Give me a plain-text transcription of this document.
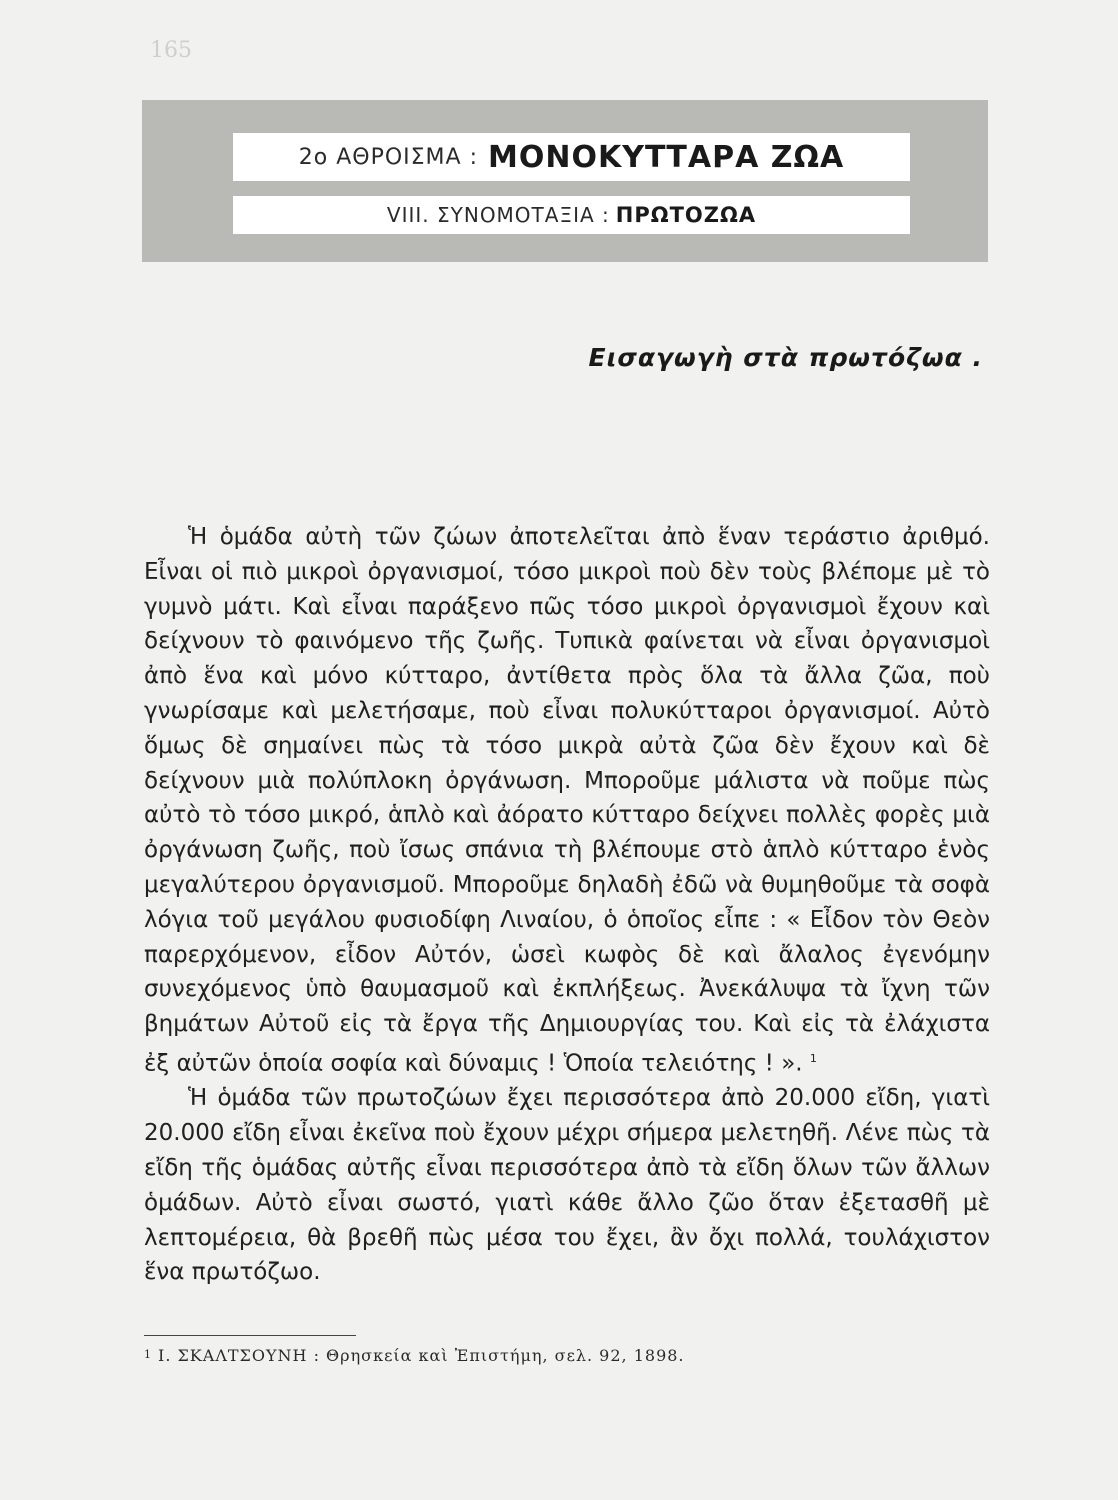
165
2ο ΑΘΡΟΙΣΜΑ : ΜΟΝΟΚΥΤΤΑΡΑ ΖΩΑ
VIII. ΣΥΝΟΜΟΤΑΞΙΑ : ΠΡΩΤΟΖΩΑ
Εισαγωγὴ στὰ πρωτόζωα .

Ἡ ὁμάδα αὐτὴ τῶν ζώων ἀποτελεῖται ἀπὸ ἕναν τεράστιο ἀριθμό. Εἶναι οἱ πιὸ μικροὶ ὀργανισμοί, τόσο μικροὶ ποὺ δὲν τοὺς βλέπομε μὲ τὸ γυμνὸ μάτι. Καὶ εἶναι παράξενο πῶς τόσο μικροὶ ὀργανισμοὶ ἔχουν καὶ δείχνουν τὸ φαινόμενο τῆς ζωῆς. Τυπικὰ φαίνεται νὰ εἶναι ὀργανισμοὶ ἀπὸ ἕνα καὶ μόνο κύτταρο, ἀντίθετα πρὸς ὅλα τὰ ἄλλα ζῶα, ποὺ γνωρίσαμε καὶ μελετήσαμε, ποὺ εἶναι πολυκύτταροι ὀργανισμοί. Αὐτὸ ὅμως δὲ σημαίνει πὼς τὰ τόσο μικρὰ αὐτὰ ζῶα δὲν ἔχουν καὶ δὲ δείχνουν μιὰ πολύπλοκη ὀργάνωση. Μποροῦμε μάλιστα νὰ ποῦμε πὼς αὐτὸ τὸ τόσο μικρό, ἁπλὸ καὶ ἀόρατο κύτταρο δείχνει πολλὲς φορὲς μιὰ ὀργάνωση ζωῆς, ποὺ ἴσως σπάνια τὴ βλέπουμε στὸ ἁπλὸ κύτταρο ἑνὸς μεγαλύτερου ὀργανισμοῦ. Μποροῦμε δηλαδὴ ἐδῶ νὰ θυμηθοῦμε τὰ σοφὰ λόγια τοῦ μεγάλου φυσιοδίφη Λιναίου, ὁ ὁποῖος εἶπε : « Εἶδον τὸν Θεὸν παρερχόμενον, εἶδον Αὐτόν, ὡσεὶ κωφὸς δὲ καὶ ἄλαλος ἐγενόμην συνεχόμενος ὑπὸ θαυμασμοῦ καὶ ἐκπλήξεως. Ἀνεκάλυψα τὰ ἴχνη τῶν βημάτων Αὐτοῦ εἰς τὰ ἔργα τῆς Δημιουργίας του. Καὶ εἰς τὰ ἐλάχιστα ἐξ αὐτῶν ὁποία σοφία καὶ δύναμις ! Ὁποία τελειότης ! ». $^1$

Ἡ ὁμάδα τῶν πρωτοζώων ἔχει περισσότερα ἀπὸ 20.000 εἴδη, γιατὶ 20.000 εἴδη εἶναι ἐκεῖνα ποὺ ἔχουν μέχρι σήμερα μελετηθῆ. Λένε πὼς τὰ εἴδη τῆς ὁμάδας αὐτῆς εἶναι περισσότερα ἀπὸ τὰ εἴδη ὅλων τῶν ἄλλων ὁμάδων. Αὐτὸ εἶναι σωστό, γιατὶ κάθε ἄλλο ζῶο ὅταν ἐξετασθῆ μὲ λεπτομέρεια, θὰ βρεθῆ πὼς μέσα του ἔχει, ἂν ὄχι πολλά, τουλάχιστον ἕνα πρωτόζωο.

1 Ι. ΣΚΑΛΤΣΟΥΝΗ : Θρησκεία καὶ Ἐπιστήμη, σελ. 92, 1898.
